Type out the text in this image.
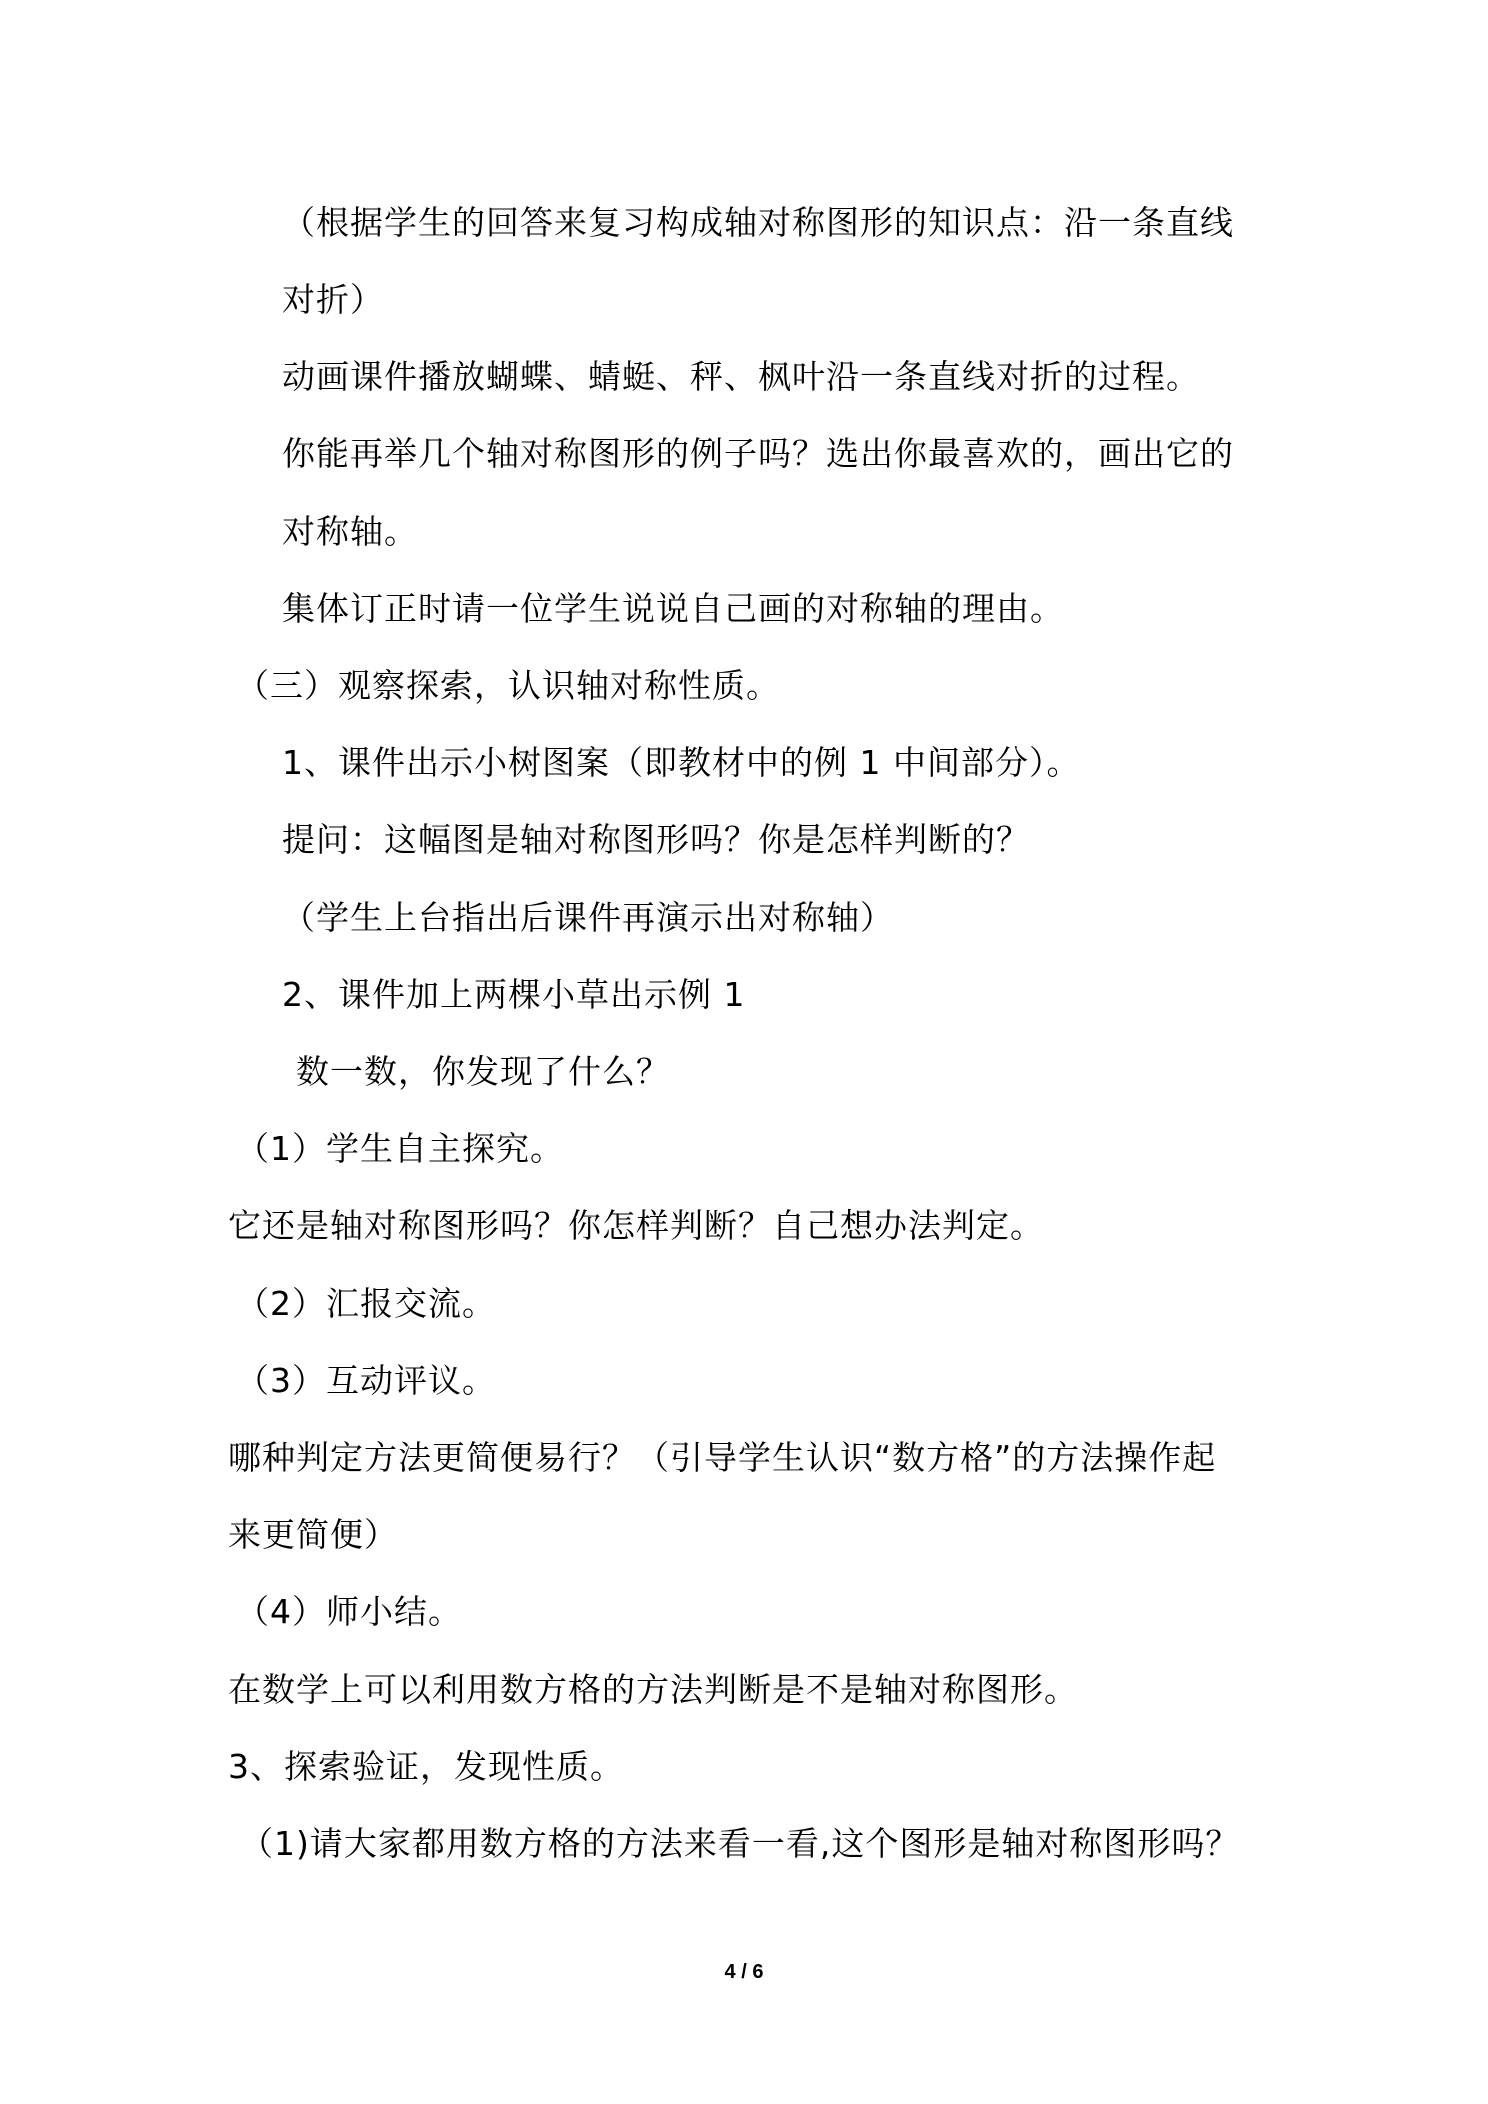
（根据学生的回答来复习构成轴对称图形的知识点：沿一条直线
对折）
动画课件播放蝴蝶、蜻蜓、秤、枫叶沿一条直线对折的过程。
你能再举几个轴对称图形的例子吗？选出你最喜欢的，画出它的
对称轴。
集体订正时请一位学生说说自己画的对称轴的理由。
（三）观察探索，认识轴对称性质。
1、课件出示小树图案（即教材中的例 1 中间部分）。
提问：这幅图是轴对称图形吗？你是怎样判断的？
（学生上台指出后课件再演示出对称轴）
2、课件加上两棵小草出示例 1
数一数，你发现了什么？
（1）学生自主探究。
它还是轴对称图形吗？你怎样判断？自己想办法判定。
（2）汇报交流。
（3）互动评议。
哪种判定方法更简便易行？（引导学生认识“数方格”的方法操作起
来更简便）
（4）师小结。
在数学上可以利用数方格的方法判断是不是轴对称图形。
3、探索验证，发现性质。
（1)请大家都用数方格的方法来看一看,这个图形是轴对称图形吗？
4 / 6
